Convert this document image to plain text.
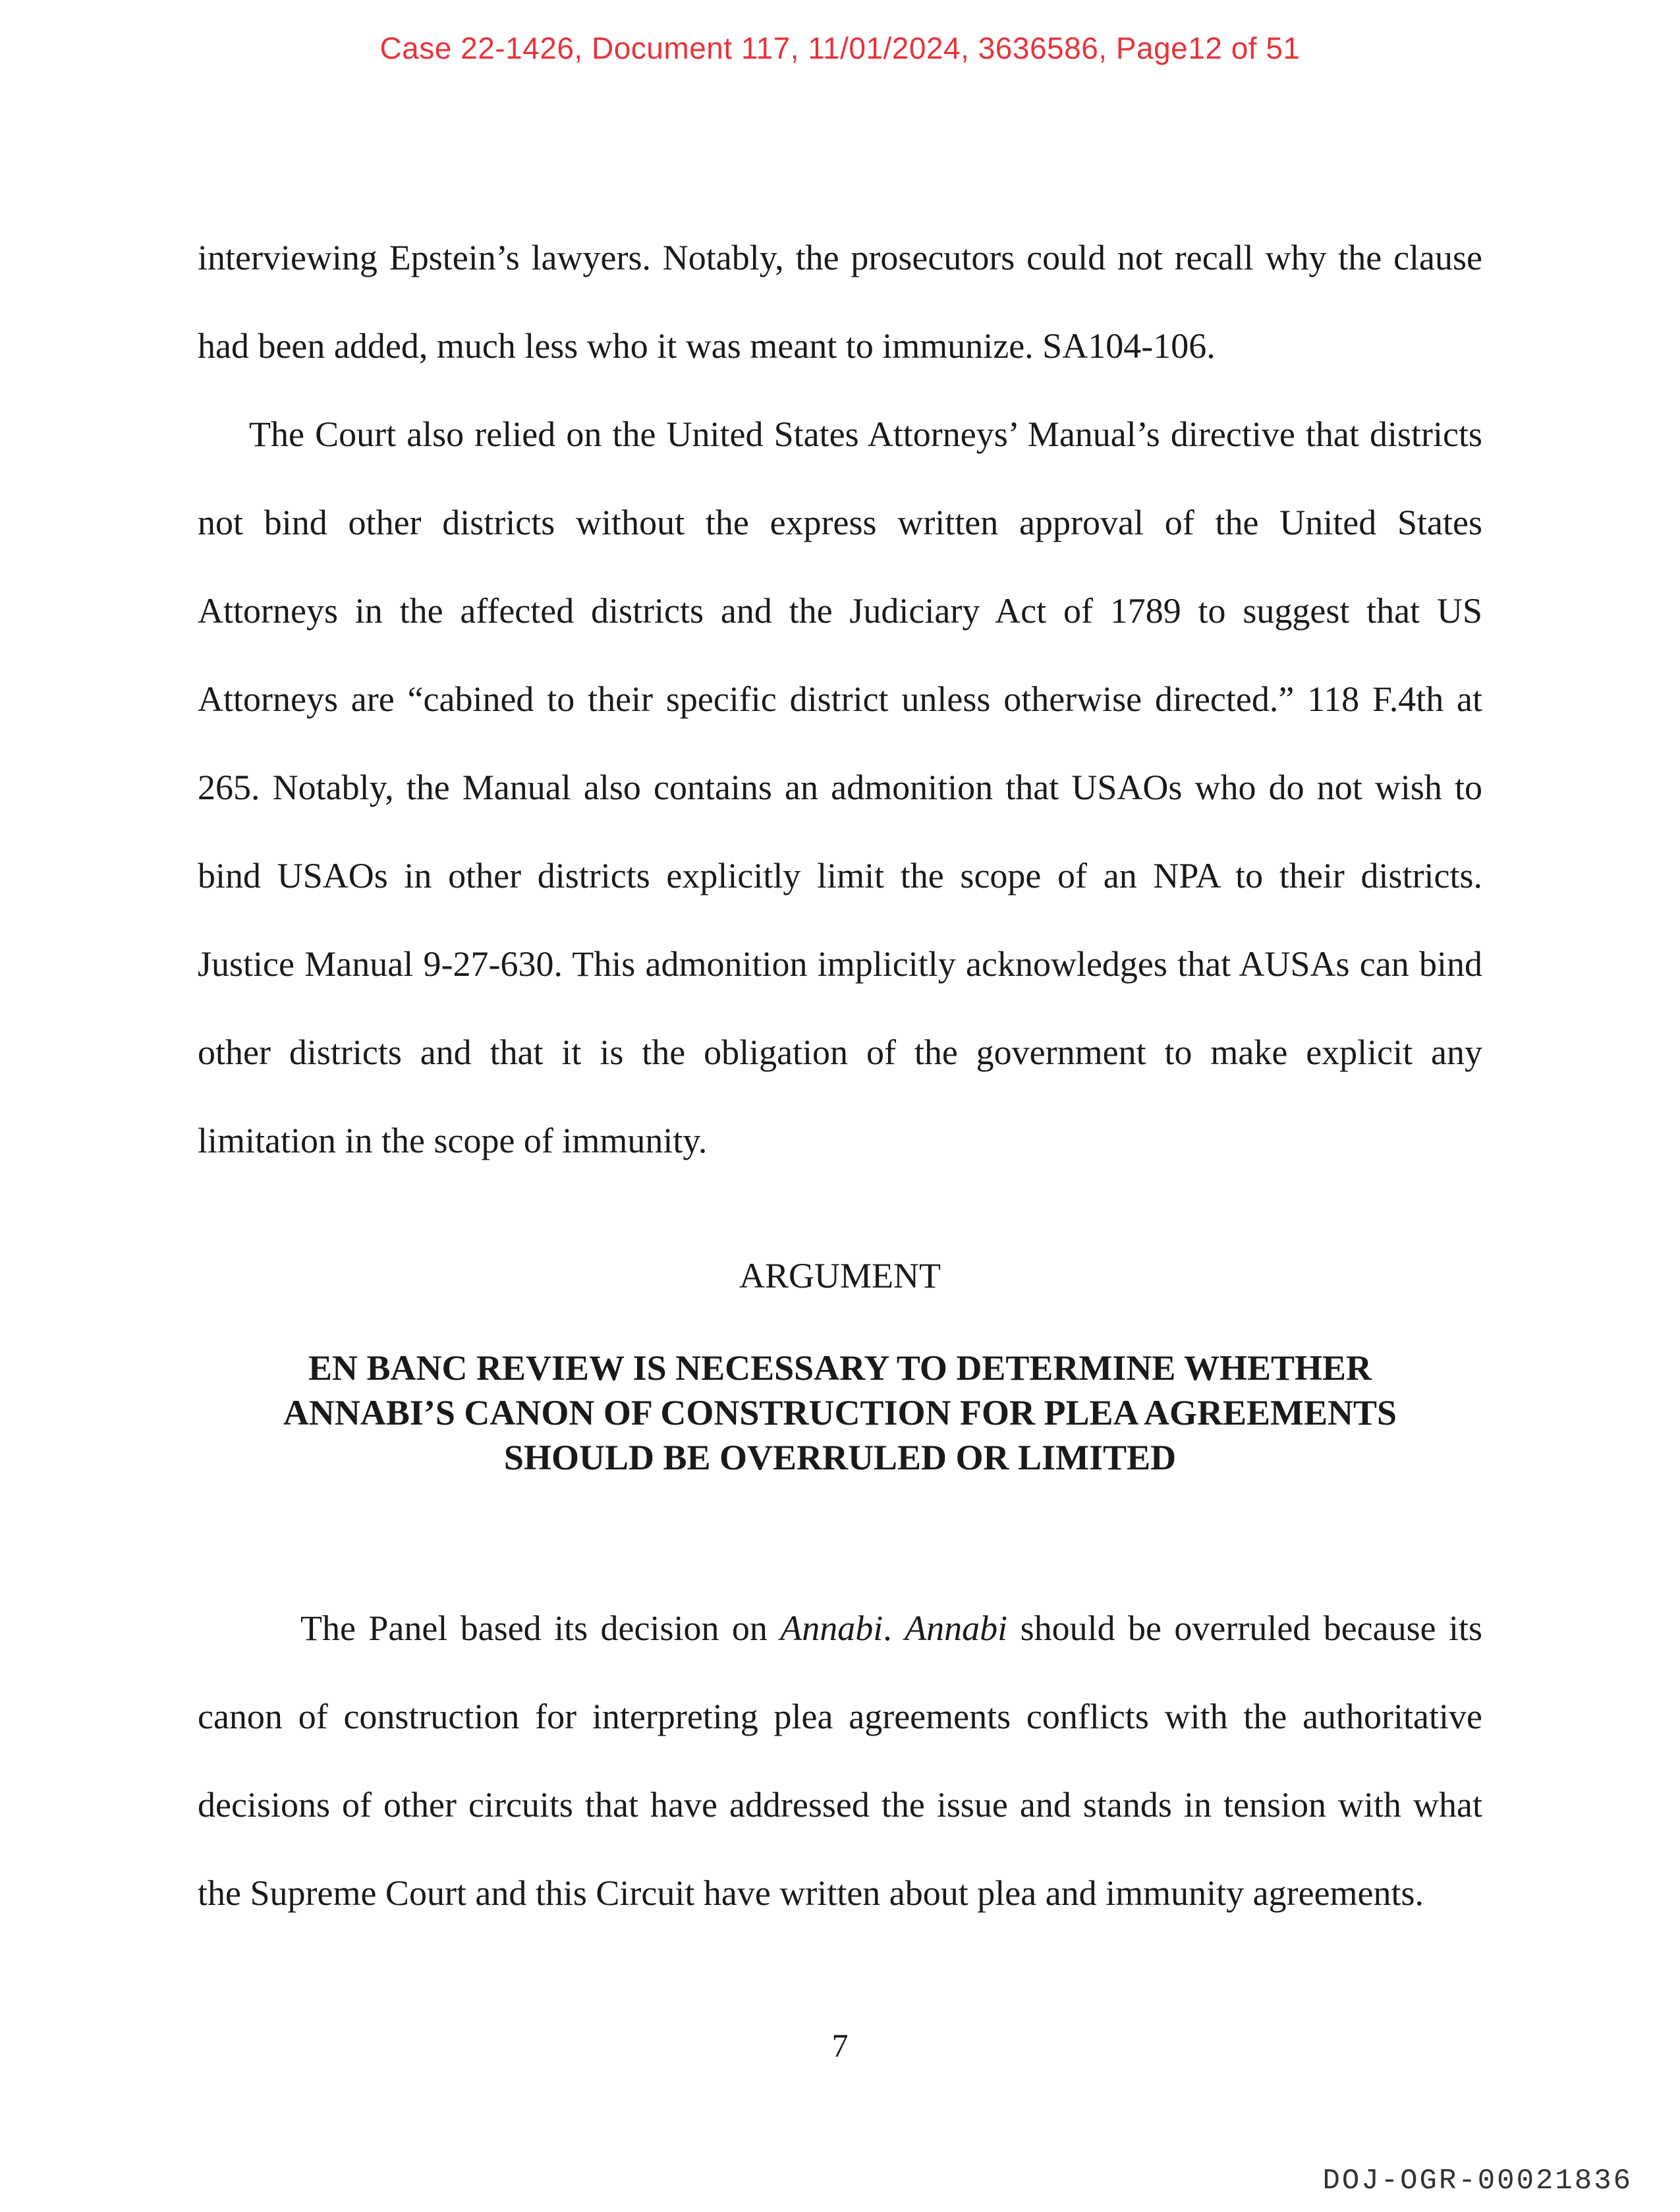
Case 22-1426, Document 117, 11/01/2024, 3636586, Page12 of 51

interviewing Epstein’s lawyers. Notably, the prosecutors could not recall why the clause had been added, much less who it was meant to immunize. SA104-106.

The Court also relied on the United States Attorneys’ Manual’s directive that districts not bind other districts without the express written approval of the United States Attorneys in the affected districts and the Judiciary Act of 1789 to suggest that US Attorneys are “cabined to their specific district unless otherwise directed.” 118 F.4th at 265. Notably, the Manual also contains an admonition that USAOs who do not wish to bind USAOs in other districts explicitly limit the scope of an NPA to their districts. Justice Manual 9-27-630. This admonition implicitly acknowledges that AUSAs can bind other districts and that it is the obligation of the government to make explicit any limitation in the scope of immunity.

ARGUMENT
EN BANC REVIEW IS NECESSARY TO DETERMINE WHETHER
ANNABI’S CANON OF CONSTRUCTION FOR PLEA AGREEMENTS
SHOULD BE OVERRULED OR LIMITED

The Panel based its decision on Annabi. Annabi should be overruled because its canon of construction for interpreting plea agreements conflicts with the authoritative decisions of other circuits that have addressed the issue and stands in tension with what the Supreme Court and this Circuit have written about plea and immunity agreements.

7
DOJ-OGR-00021836
